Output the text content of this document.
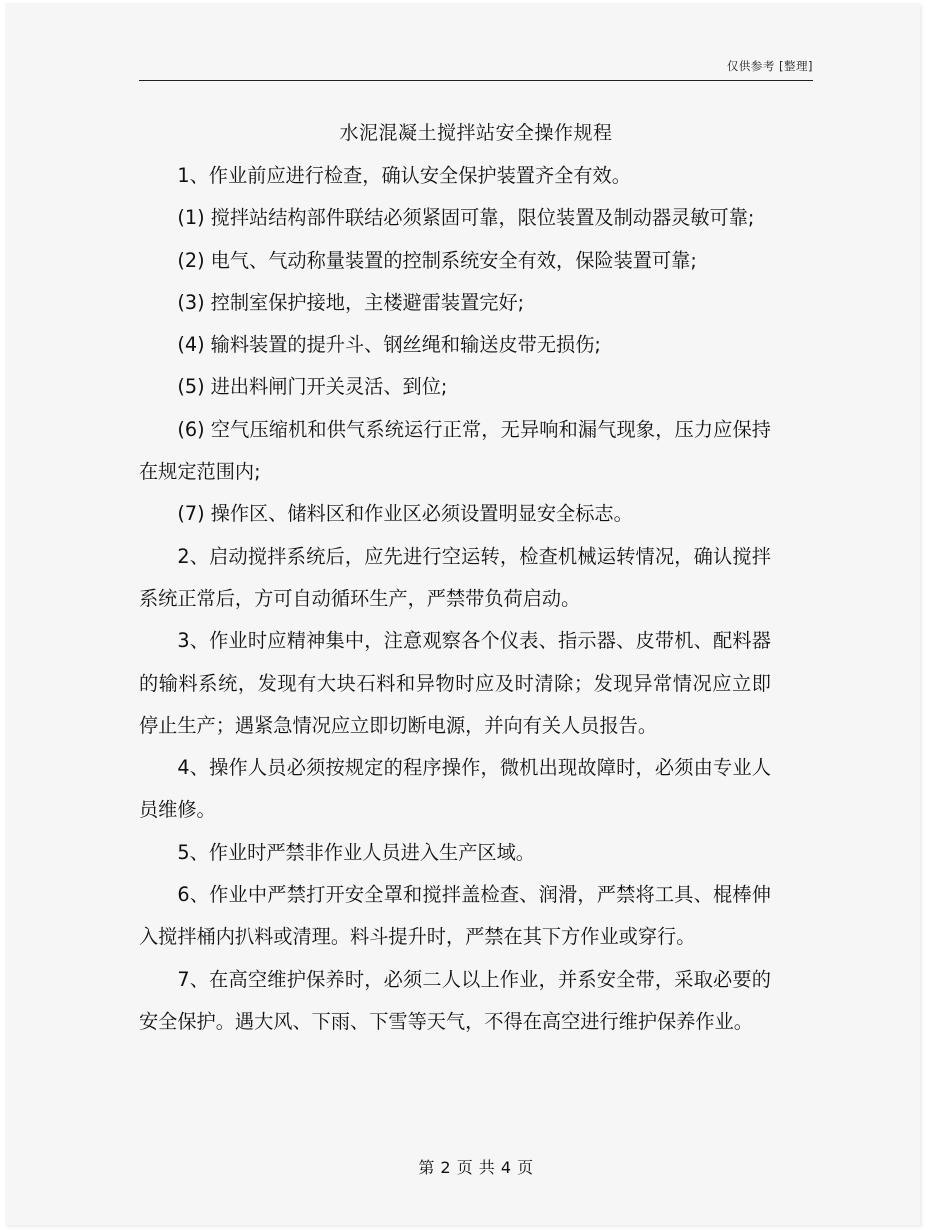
仅供参考 [整理]
水泥混凝土搅拌站安全操作规程

1、作业前应进行检查，确认安全保护装置齐全有效。

(1) 搅拌站结构部件联结必须紧固可靠，限位装置及制动器灵敏可靠;

(2) 电气、气动称量装置的控制系统安全有效，保险装置可靠;

(3) 控制室保护接地，主楼避雷装置完好;

(4) 输料装置的提升斗、钢丝绳和输送皮带无损伤;

(5) 进出料闸门开关灵活、到位;

(6) 空气压缩机和供气系统运行正常，无异响和漏气现象，压力应保持在规定范围内;

(7) 操作区、储料区和作业区必须设置明显安全标志。

2、启动搅拌系统后，应先进行空运转，检查机械运转情况，确认搅拌系统正常后，方可自动循环生产，严禁带负荷启动。

3、作业时应精神集中，注意观察各个仪表、指示器、皮带机、配料器的输料系统，发现有大块石料和异物时应及时清除；发现异常情况应立即停止生产；遇紧急情况应立即切断电源，并向有关人员报告。

4、操作人员必须按规定的程序操作，微机出现故障时，必须由专业人员维修。

5、作业时严禁非作业人员进入生产区域。

6、作业中严禁打开安全罩和搅拌盖检查、润滑，严禁将工具、棍棒伸入搅拌桶内扒料或清理。料斗提升时，严禁在其下方作业或穿行。

7、在高空维护保养时，必须二人以上作业，并系安全带，采取必要的安全保护。遇大风、下雨、下雪等天气，不得在高空进行维护保养作业。

第 2 页 共 4 页
